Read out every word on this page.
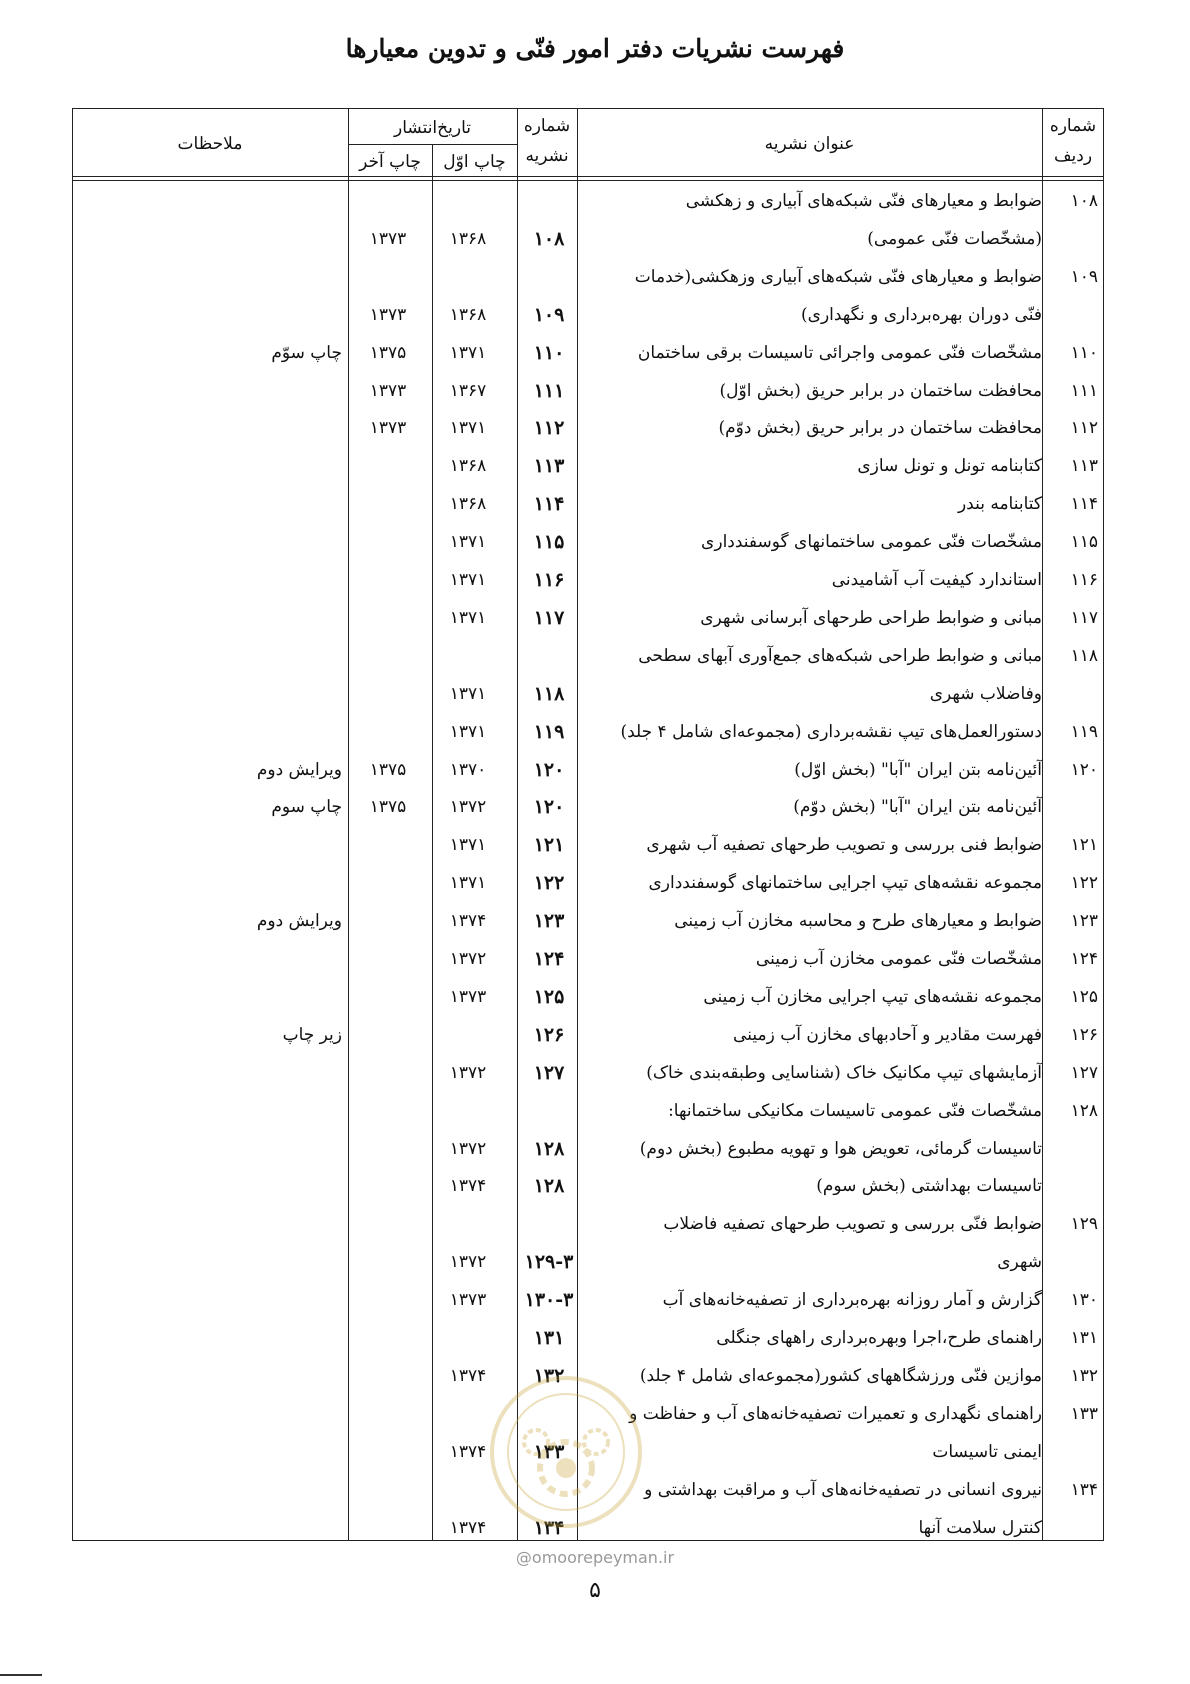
فهرست نشریات دفتر امور فنّی و تدوین معیارها
شماره
ردیف
عنوان نشریه
شماره
نشریه
تاریخ‌انتشار
چاپ اوّل
چاپ آخر
ملاحظات
۱۰۸
ضوابط و معیارهای فنّی شبکه‌های آبیاری و زهکشی
(مشخّصات فنّی عمومی)
۱۰۸
۱۳۶۸
۱۳۷۳
۱۰۹
ضوابط و معیارهای فنّی شبکه‌های آبیاری وزهکشی(خدمات
فنّی دوران بهره‌برداری و نگهداری)
۱۰۹
۱۳۶۸
۱۳۷۳
۱۱۰
مشخّصات فنّی عمومی واجرائی تاسیسات برقی ساختمان
۱۱۰
۱۳۷۱
۱۳۷۵
چاپ سوّم
۱۱۱
محافظت ساختمان در برابر حریق (بخش اوّل)
۱۱۱
۱۳۶۷
۱۳۷۳
۱۱۲
محافظت ساختمان در برابر حریق (بخش دوّم)
۱۱۲
۱۳۷۱
۱۳۷۳
۱۱۳
کتابنامه تونل و تونل سازی
۱۱۳
۱۳۶۸
۱۱۴
کتابنامه بندر
۱۱۴
۱۳۶۸
۱۱۵
مشخّصات فنّی عمومی ساختمانهای گوسفندداری
۱۱۵
۱۳۷۱
۱۱۶
استاندارد کیفیت آب آشامیدنی
۱۱۶
۱۳۷۱
۱۱۷
مبانی و ضوابط طراحی طرحهای آبرسانی شهری
۱۱۷
۱۳۷۱
۱۱۸
مبانی و ضوابط طراحی شبکه‌های جمع‌آوری آبهای سطحی
وفاضلاب شهری
۱۱۸
۱۳۷۱
۱۱۹
دستورالعمل‌های تیپ نقشه‌برداری (مجموعه‌ای شامل ۴ جلد)
۱۱۹
۱۳۷۱
۱۲۰
آئین‌نامه بتن ایران "آبا" (بخش اوّل)
۱۲۰
۱۳۷۰
۱۳۷۵
ویرایش دوم
آئین‌نامه بتن ایران "آبا" (بخش دوّم)
۱۲۰
۱۳۷۲
۱۳۷۵
چاپ سوم
۱۲۱
ضوابط فنی بررسی و تصویب طرحهای تصفیه آب شهری
۱۲۱
۱۳۷۱
۱۲۲
مجموعه نقشه‌های تیپ اجرایی ساختمانهای گوسفندداری
۱۲۲
۱۳۷۱
۱۲۳
ضوابط و معیارهای طرح و محاسبه مخازن آب زمینی
۱۲۳
۱۳۷۴
ویرایش دوم
۱۲۴
مشخّصات فنّی عمومی مخازن آب زمینی
۱۲۴
۱۳۷۲
۱۲۵
مجموعه نقشه‌های تیپ اجرایی مخازن آب زمینی
۱۲۵
۱۳۷۳
۱۲۶
فهرست مقادیر و آحادبهای مخازن آب زمینی
۱۲۶
زیر چاپ
۱۲۷
آزمایشهای تیپ مکانیک خاک (شناسایی وطبقه‌بندی خاک)
۱۲۷
۱۳۷۲
۱۲۸
مشخّصات فنّی عمومی تاسیسات مکانیکی ساختمانها:
تاسیسات گرمائی، تعویض هوا و تهویه مطبوع (بخش دوم)
۱۲۸
۱۳۷۲
تاسیسات بهداشتی (بخش سوم)
۱۲۸
۱۳۷۴
۱۲۹
ضوابط فنّی بررسی و تصویب طرحهای تصفیه فاضلاب
شهری
۱۲۹-۳
۱۳۷۲
۱۳۰
گزارش و آمار روزانه بهره‌برداری از تصفیه‌خانه‌های آب
۱۳۰-۳
۱۳۷۳
۱۳۱
راهنمای طرح،اجرا وبهره‌برداری راههای جنگلی
۱۳۱
۱۳۲
موازین فنّی ورزشگاههای کشور(مجموعه‌ای شامل ۴ جلد)
۱۳۲
۱۳۷۴
۱۳۳
راهنمای نگهداری و تعمیرات تصفیه‌خانه‌های آب و حفاظت و
ایمنی تاسیسات
۱۳۳
۱۳۷۴
۱۳۴
نیروی انسانی در تصفیه‌خانه‌های آب و مراقبت بهداشتی و
کنترل سلامت آنها
۱۳۴
۱۳۷۴
@omoorepeyman.ir
۵
